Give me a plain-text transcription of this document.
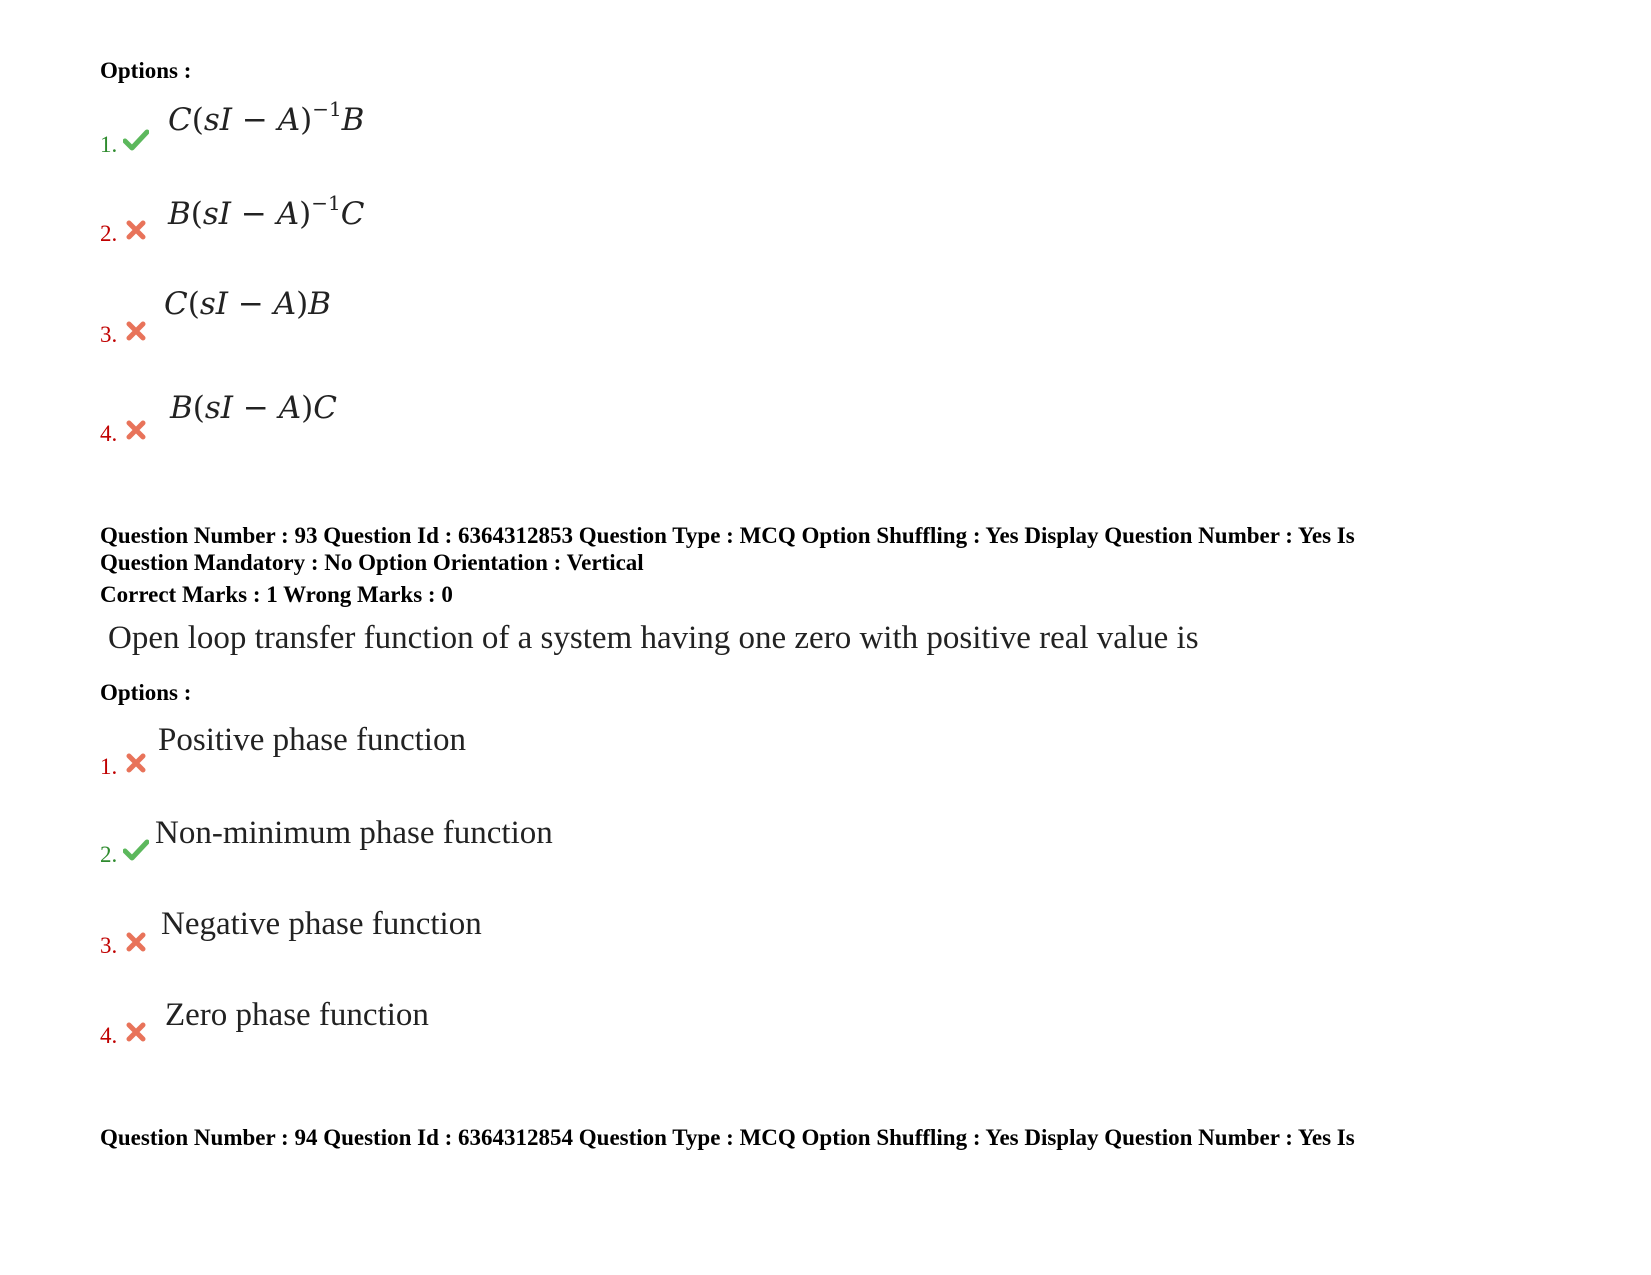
Options :
1.
C(sI − A)$^{-1}$B
2.
B(sI − A)$^{-1}$C
3.
C(sI − A)B
4.
B(sI − A)C
Question Number : 93 Question Id : 6364312853 Question Type : MCQ Option Shuffling : Yes Display Question Number : Yes Is
Question Mandatory : No Option Orientation : Vertical
Correct Marks : 1 Wrong Marks : 0
Open loop transfer function of a system having one zero with positive real value is
Options :
1.
Positive phase function
2.
Non-minimum phase function
3.
Negative phase function
4.
Zero phase function
Question Number : 94 Question Id : 6364312854 Question Type : MCQ Option Shuffling : Yes Display Question Number : Yes Is
